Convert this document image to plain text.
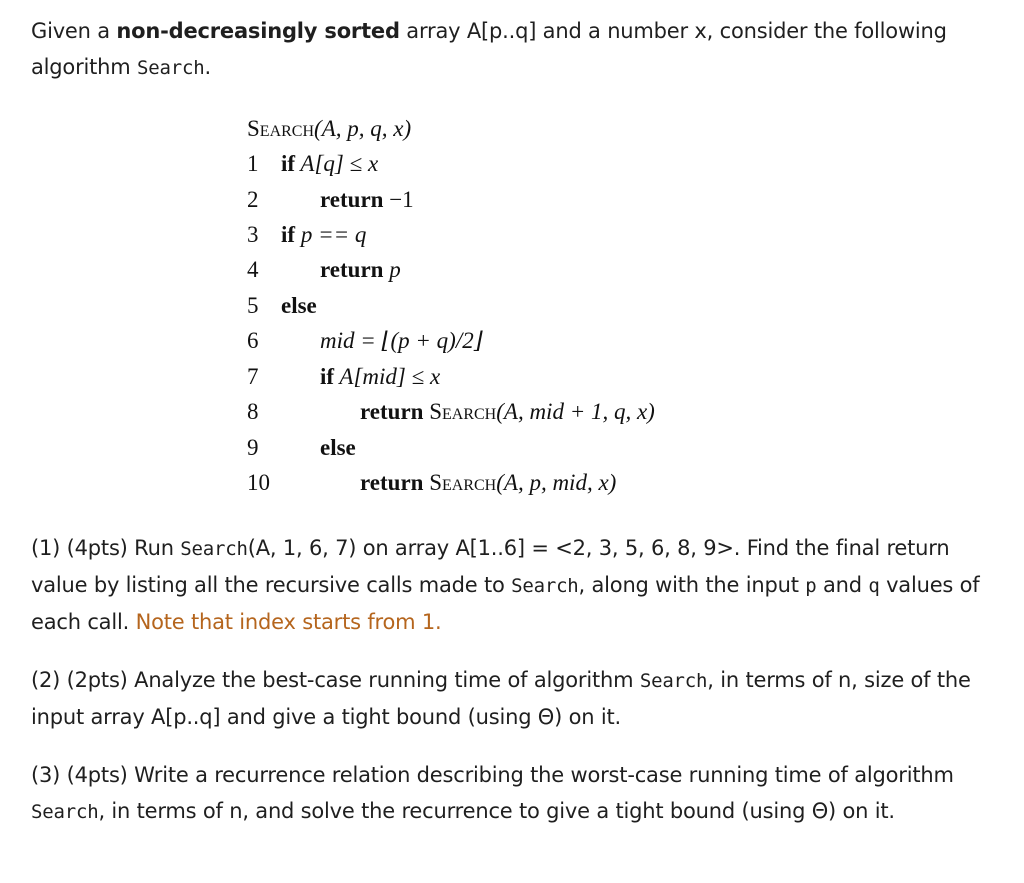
Given a non-decreasingly sorted array A[p..q] and a number x, consider the following algorithm Search.

(1) (4pts) Run Search(A, 1, 6, 7) on array A[1..6] = <2, 3, 5, 6, 8, 9>. Find the final return value by listing all the recursive calls made to Search, along with the input p and q values of each call. Note that index starts from 1.

(2) (2pts) Analyze the best-case running time of algorithm Search, in terms of n, size of the input array A[p..q] and give a tight bound (using Θ) on it.

(3) (4pts) Write a recurrence relation describing the worst-case running time of algorithm Search, in terms of n, and solve the recurrence to give a tight bound (using Θ) on it.

Search(A, p, q, x)
1 if A[q] ≤ x
2	return −1
3 if p == q
4	return p
5 else
6	mid = ⌊(p + q)/2⌋
7	if A[mid] ≤ x
8	return Search(A, mid + 1, q, x)
9	else
10	return Search(A, p, mid, x)
